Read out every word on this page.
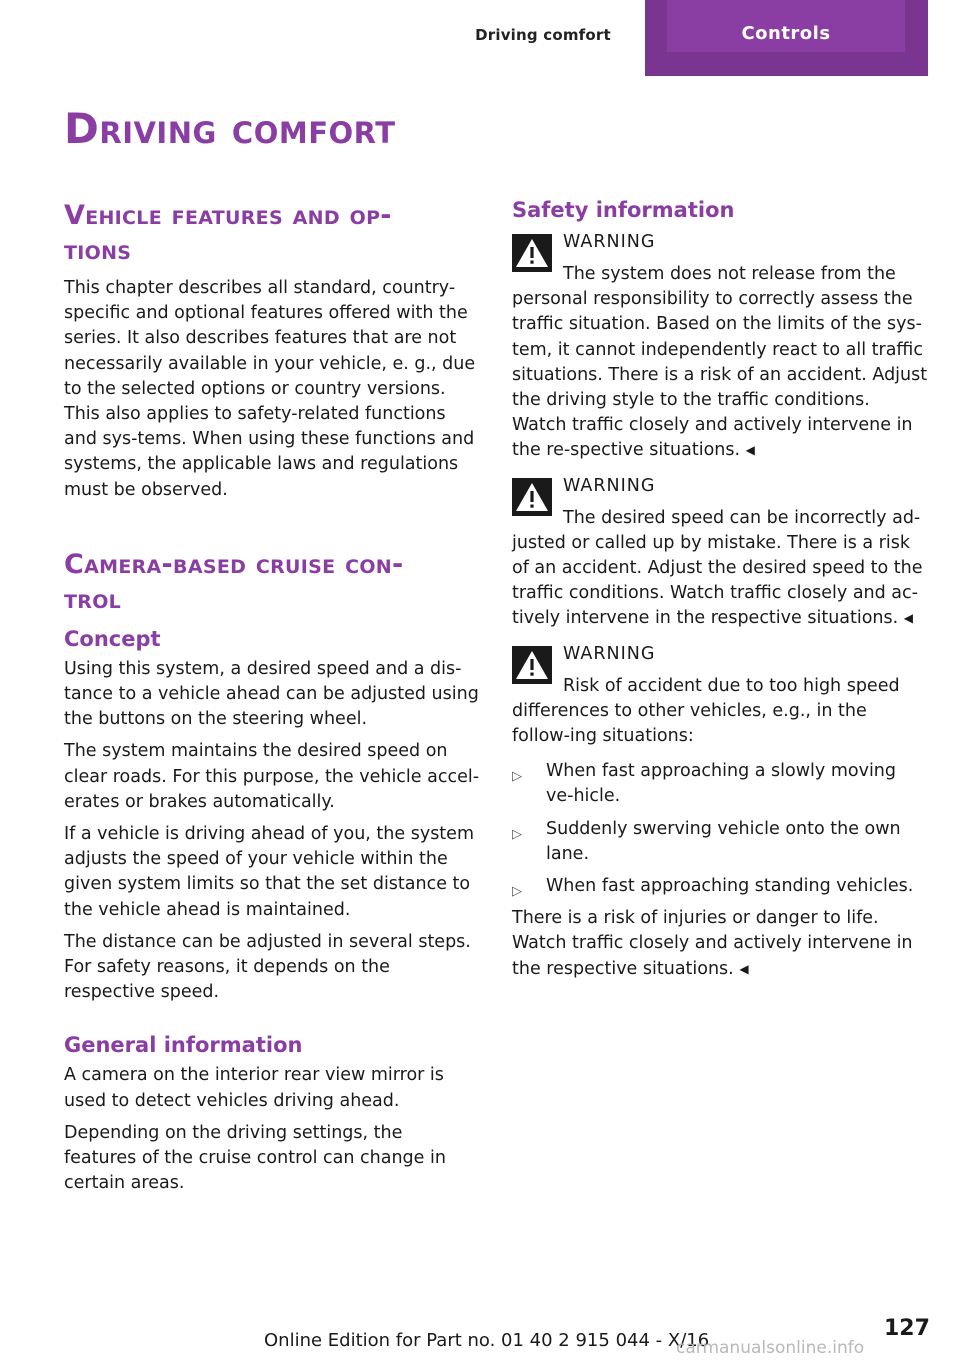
Driving comfort	Controls
Driving comfort
Vehicle features and op‐
tions

This chapter describes all standard, country-specific and optional features offered with the series. It also describes features that are not necessarily available in your vehicle, e. g., due to the selected options or country versions. This also applies to safety-related functions and sys‐tems. When using these functions and systems, the applicable laws and regulations must be observed.

Camera-based cruise con‐
trol
Concept

Using this system, a desired speed and a dis‐tance to a vehicle ahead can be adjusted using the buttons on the steering wheel.

The system maintains the desired speed on clear roads. For this purpose, the vehicle accel‐erates or brakes automatically.

If a vehicle is driving ahead of you, the system adjusts the speed of your vehicle within the given system limits so that the set distance to the vehicle ahead is maintained.

The distance can be adjusted in several steps. For safety reasons, it depends on the respective speed.

General information

A camera on the interior rear view mirror is used to detect vehicles driving ahead.

Depending on the driving settings, the features of the cruise control can change in certain areas.

Safety information
WARNING

The system does not release from the personal responsibility to correctly assess the traffic situation. Based on the limits of the sys‐tem, it cannot independently react to all traffic situations. There is a risk of an accident. Adjust the driving style to the traffic conditions. Watch traffic closely and actively intervene in the re‐spective situations. ◀

WARNING

The desired speed can be incorrectly ad‐justed or called up by mistake. There is a risk of an accident. Adjust the desired speed to the traffic conditions. Watch traffic closely and ac‐tively intervene in the respective situations. ◀

WARNING

Risk of accident due to too high speed differences to other vehicles, e.g., in the follow‐ing situations:

▷ When fast approaching a slowly moving ve‐hicle.
▷ Suddenly swerving vehicle onto the own lane.
▷ When fast approaching standing vehicles.

There is a risk of injuries or danger to life. Watch traffic closely and actively intervene in the respective situations. ◀

127
Online Edition for Part no. 01 40 2 915 044 - X/16
carmanualsonline.info
